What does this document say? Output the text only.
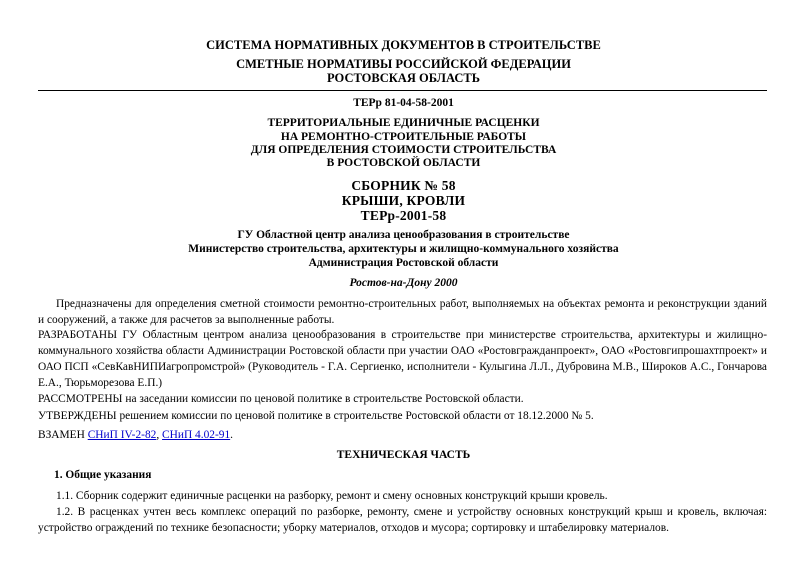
СИСТЕМА НОРМАТИВНЫХ ДОКУМЕНТОВ В СТРОИТЕЛЬСТВЕ
СМЕТНЫЕ НОРМАТИВЫ РОССИЙСКОЙ ФЕДЕРАЦИИ
РОСТОВСКАЯ ОБЛАСТЬ
ТЕРр 81-04-58-2001
ТЕРРИТОРИАЛЬНЫЕ ЕДИНИЧНЫЕ РАСЦЕНКИ
НА РЕМОНТНО-СТРОИТЕЛЬНЫЕ РАБОТЫ
ДЛЯ ОПРЕДЕЛЕНИЯ СТОИМОСТИ СТРОИТЕЛЬСТВА
В РОСТОВСКОЙ ОБЛАСТИ
СБОРНИК № 58
КРЫШИ, КРОВЛИ
ТЕРр-2001-58
ГУ Областной центр анализа ценообразования в строительстве
Министерство строительства, архитектуры и жилищно-коммунального хозяйства
Администрация Ростовской области
Ростов-на-Дону 2000
Предназначены для определения сметной стоимости ремонтно-строительных работ, выполняемых на объектах ремонта и реконструкции зданий и сооружений, а также для расчетов за выполненные работы.
РАЗРАБОТАНЫ ГУ Областным центром анализа ценообразования в строительстве при министерстве строительства, архитектуры и жилищно-коммунального хозяйства области Администрации Ростовской области при участии ОАО «Ростовгражданпроект», ОАО «Ростовгипрошахтпроект» и ОАО ПСП «СевКавНИПИагропромстрой» (Руководитель - Г.А. Сергиенко, исполнители - Кулыгина Л.Л., Дубровина М.В., Широков А.С., Гончарова Е.А., Тюрьморезова Е.П.)
РАССМОТРЕНЫ на заседании комиссии по ценовой политике в строительстве Ростовской области.
УТВЕРЖДЕНЫ решением комиссии по ценовой политике в строительстве Ростовской области от 18.12.2000 № 5.
ВЗАМЕН СНиП IV-2-82, СНиП 4.02-91.
ТЕХНИЧЕСКАЯ ЧАСТЬ
1. Общие указания
1.1. Сборник содержит единичные расценки на разборку, ремонт и смену основных конструкций крыши кровель.
1.2. В расценках учтен весь комплекс операций по разборке, ремонту, смене и устройству основных конструкций крыш и кровель, включая: устройство ограждений по технике безопасности; уборку материалов, отходов и мусора; сортировку и штабелировку материалов.
